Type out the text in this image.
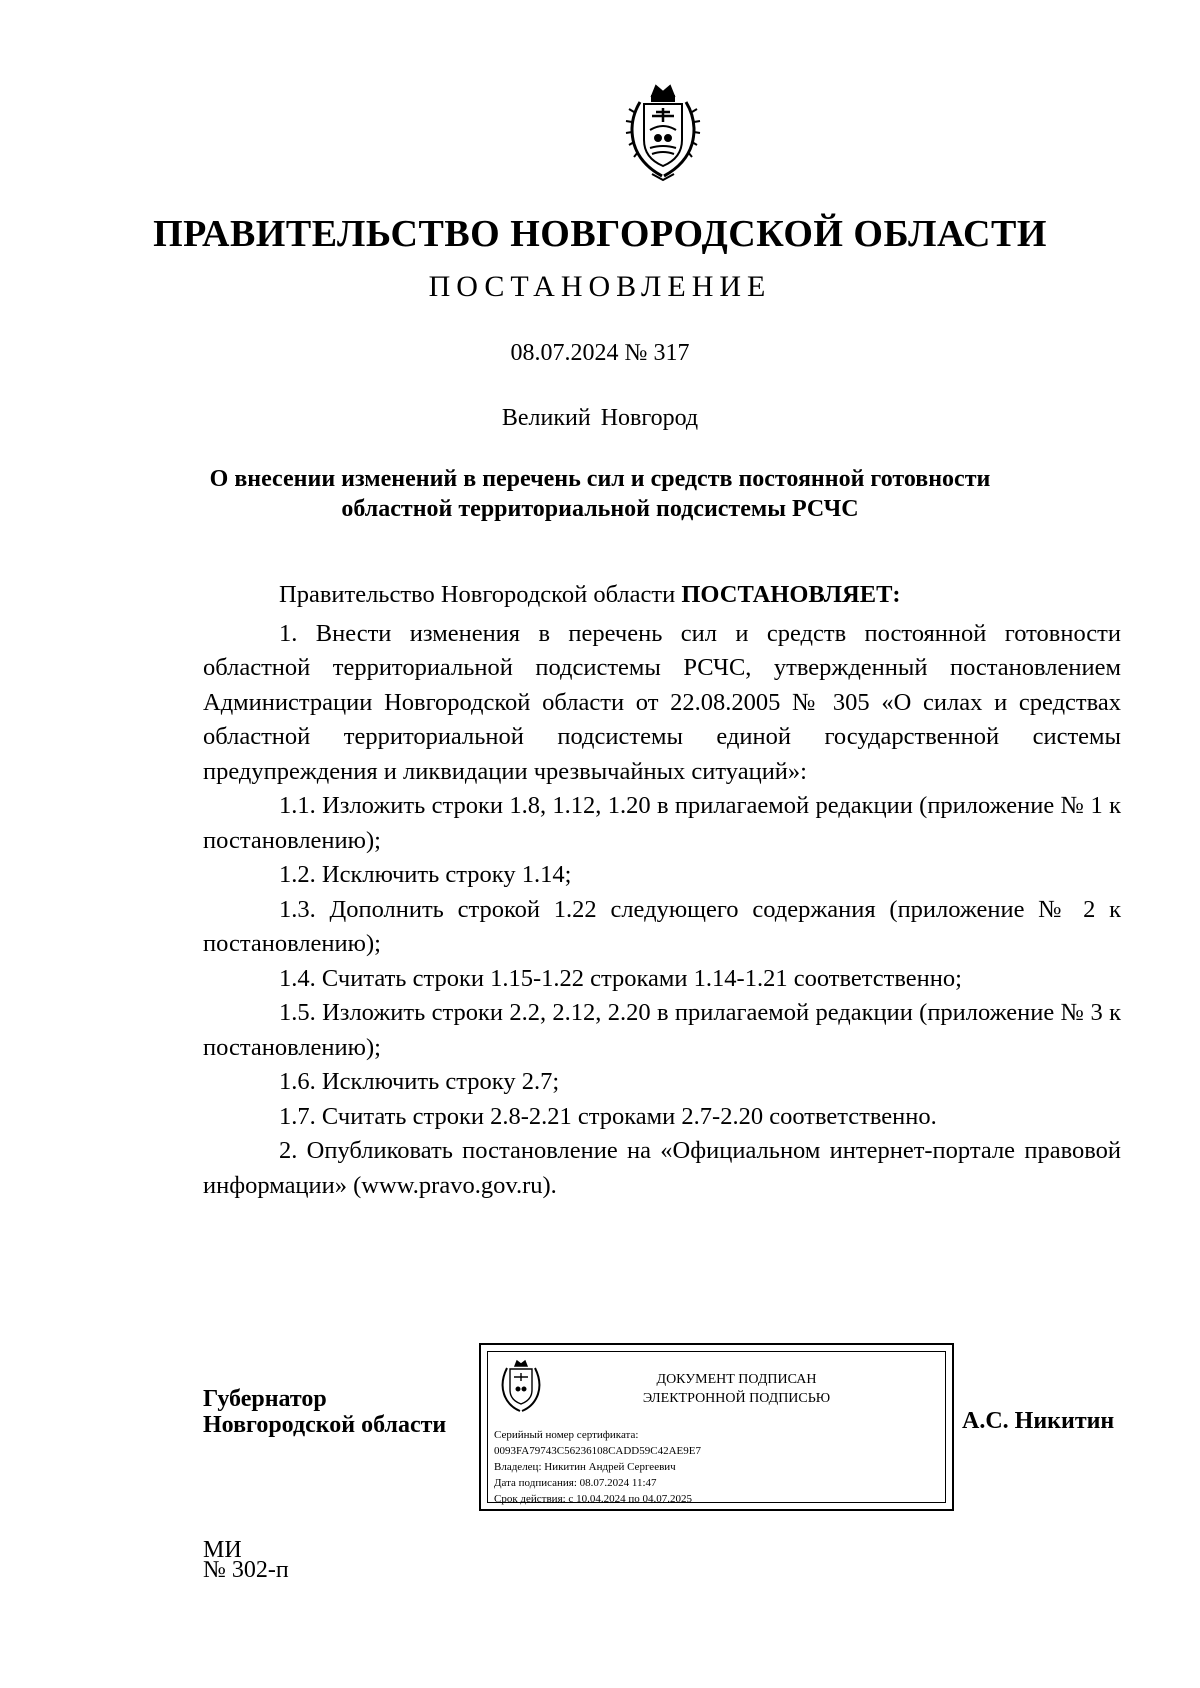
ПРАВИТЕЛЬСТВО НОВГОРОДСКОЙ ОБЛАСТИ
ПОСТАНОВЛЕНИЕ
08.07.2024 № 317
Великий Новгород
О внесении изменений в перечень сил и средств постоянной готовности
областной территориальной подсистемы РСЧС

Правительство Новгородской области ПОСТАНОВЛЯЕТ:

1. Внести изменения в перечень сил и средств постоянной готовности областной территориальной подсистемы РСЧС, утвержденный постановлением Администрации Новгородской области от 22.08.2005 № 305 «О силах и средствах областной территориальной подсистемы единой государственной системы предупреждения и ликвидации чрезвычайных ситуаций»:

1.1. Изложить строки 1.8, 1.12, 1.20 в прилагаемой редакции (приложение № 1 к постановлению);

1.2. Исключить строку 1.14;

1.3. Дополнить строкой 1.22 следующего содержания (приложение № 2 к постановлению);

1.4. Считать строки 1.15-1.22 строками 1.14-1.21 соответственно;

1.5. Изложить строки 2.2, 2.12, 2.20 в прилагаемой редакции (приложение № 3 к постановлению);

1.6. Исключить строку 2.7;

1.7. Считать строки 2.8-2.21 строками 2.7-2.20 соответственно.

2. Опубликовать постановление на «Официальном интернет-портале правовой информации» (www.pravo.gov.ru).

Губернатор
Новгородской области
ДОКУМЕНТ ПОДПИСАН
ЭЛЕКТРОННОЙ ПОДПИСЬЮ
Серийный номер сертификата:
0093FA79743C56236108CADD59C42AE9E7
Владелец: Никитин Андрей Сергеевич
Дата подписания: 08.07.2024 11:47
Срок действия: с 10.04.2024 по 04.07.2025
А.С. Никитин
МИ
№ 302-п
